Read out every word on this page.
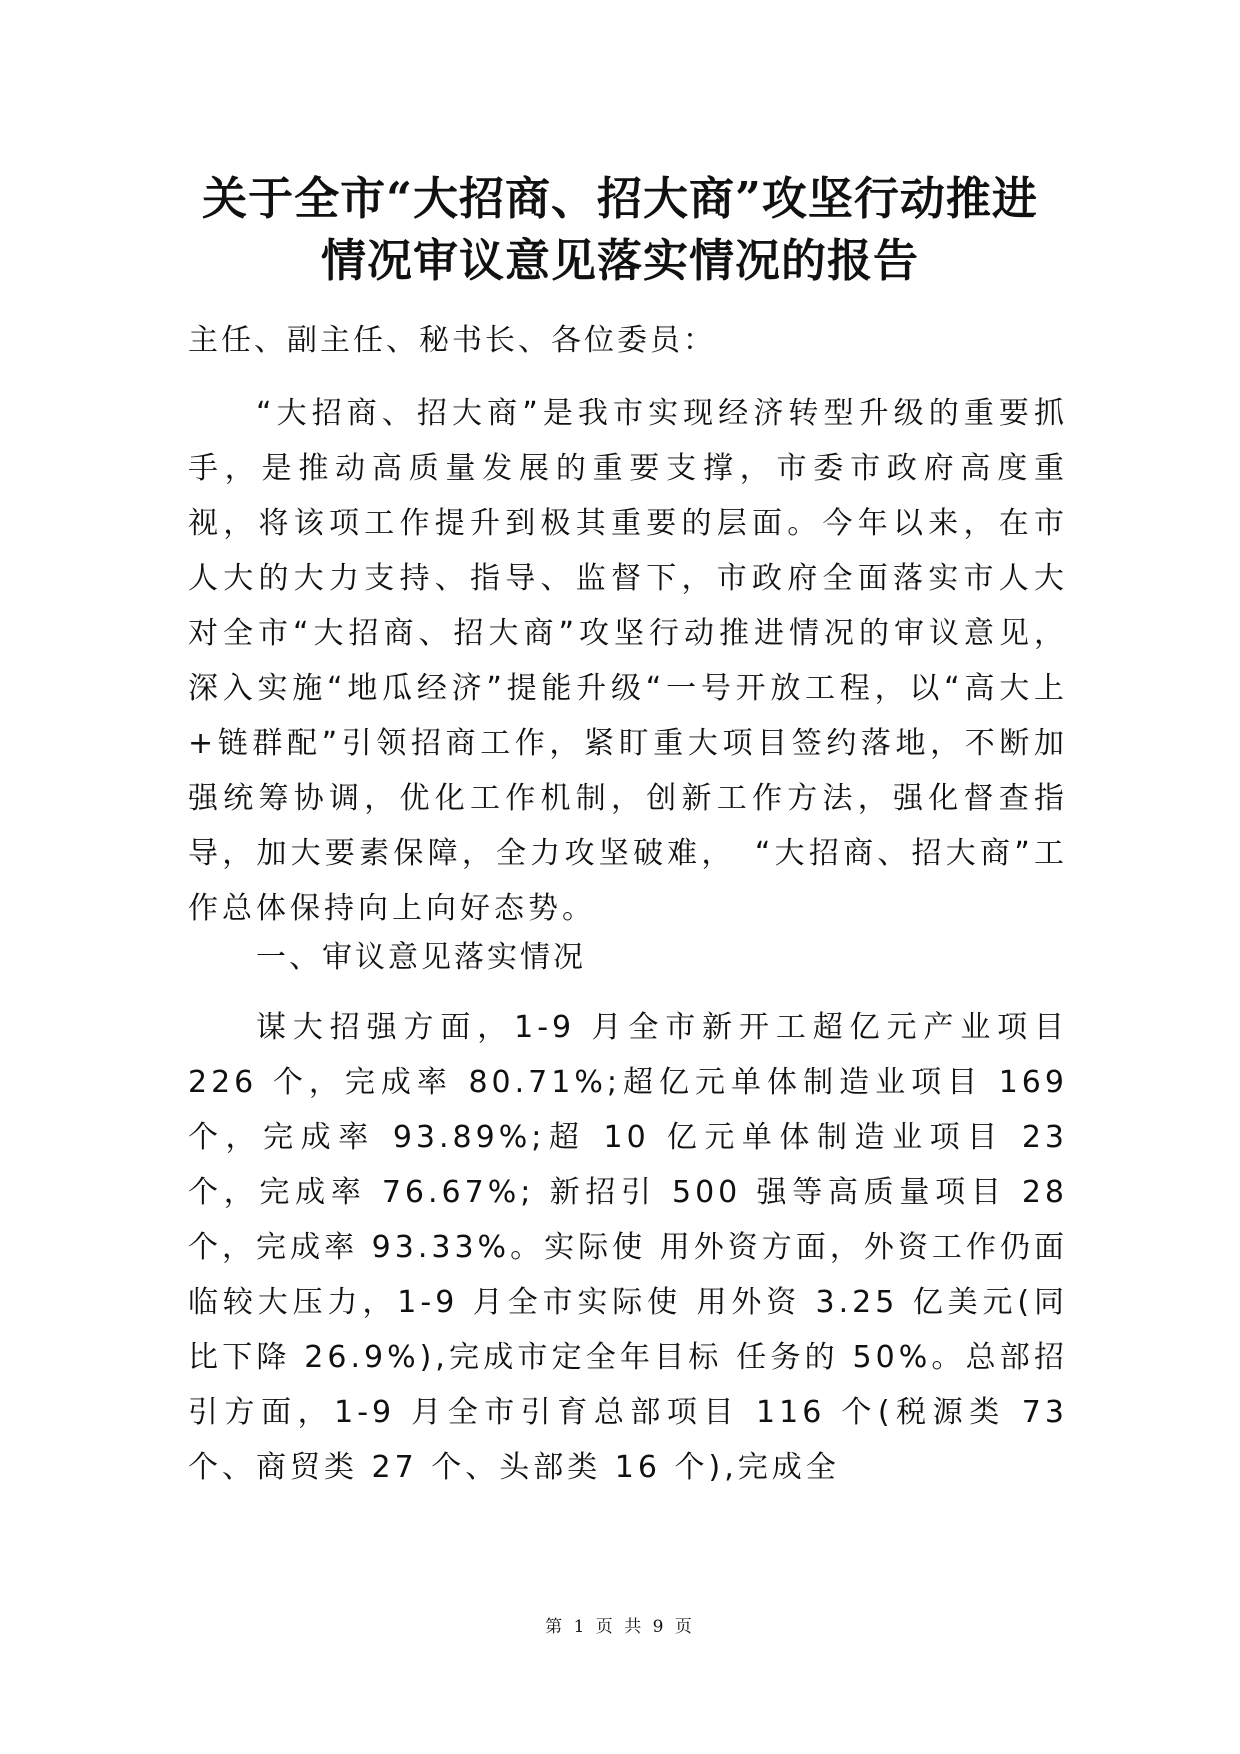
关于全市“大招商、招大商”攻坚行动推进
情况审议意见落实情况的报告

主任、副主任、秘书长、各位委员：

“大招商、招大商”是我市实现经济转型升级的重要抓手，是推动高质量发展的重要支撑，市委市政府高度重视，将该项工作提升到极其重要的层面。今年以来，在市人大的大力支持、指导、监督下，市政府全面落实市人大对全市“大招商、招大商”攻坚行动推进情况的审议意见，深入实施“地瓜经济”提能升级“一号开放工程，以“高大上+链群配”引领招商工作，紧盯重大项目签约落地，不断加强统筹协调，优化工作机制，创新工作方法，强化督查指导，加大要素保障，全力攻坚破难，　“大招商、招大商”工作总体保持向上向好态势。

一、审议意见落实情况

谋大招强方面，1-9 月全市新开工超亿元产业项目 226 个，完成率 80.71%;超亿元单体制造业项目 169 个，完成率 93.89%;超 10 亿元单体制造业项目 23 个，完成率 76.67%; 新招引 500 强等高质量项目 28 个，完成率 93.33%。实际使 用外资方面，外资工作仍面临较大压力，1-9 月全市实际使 用外资 3.25 亿美元(同比下降 26.9%),完成市定全年目标 任务的 50%。总部招引方面，1-9 月全市引育总部项目 116 个(税源类 73 个、商贸类 27 个、头部类 16 个),完成全

第 1 页 共 9 页
